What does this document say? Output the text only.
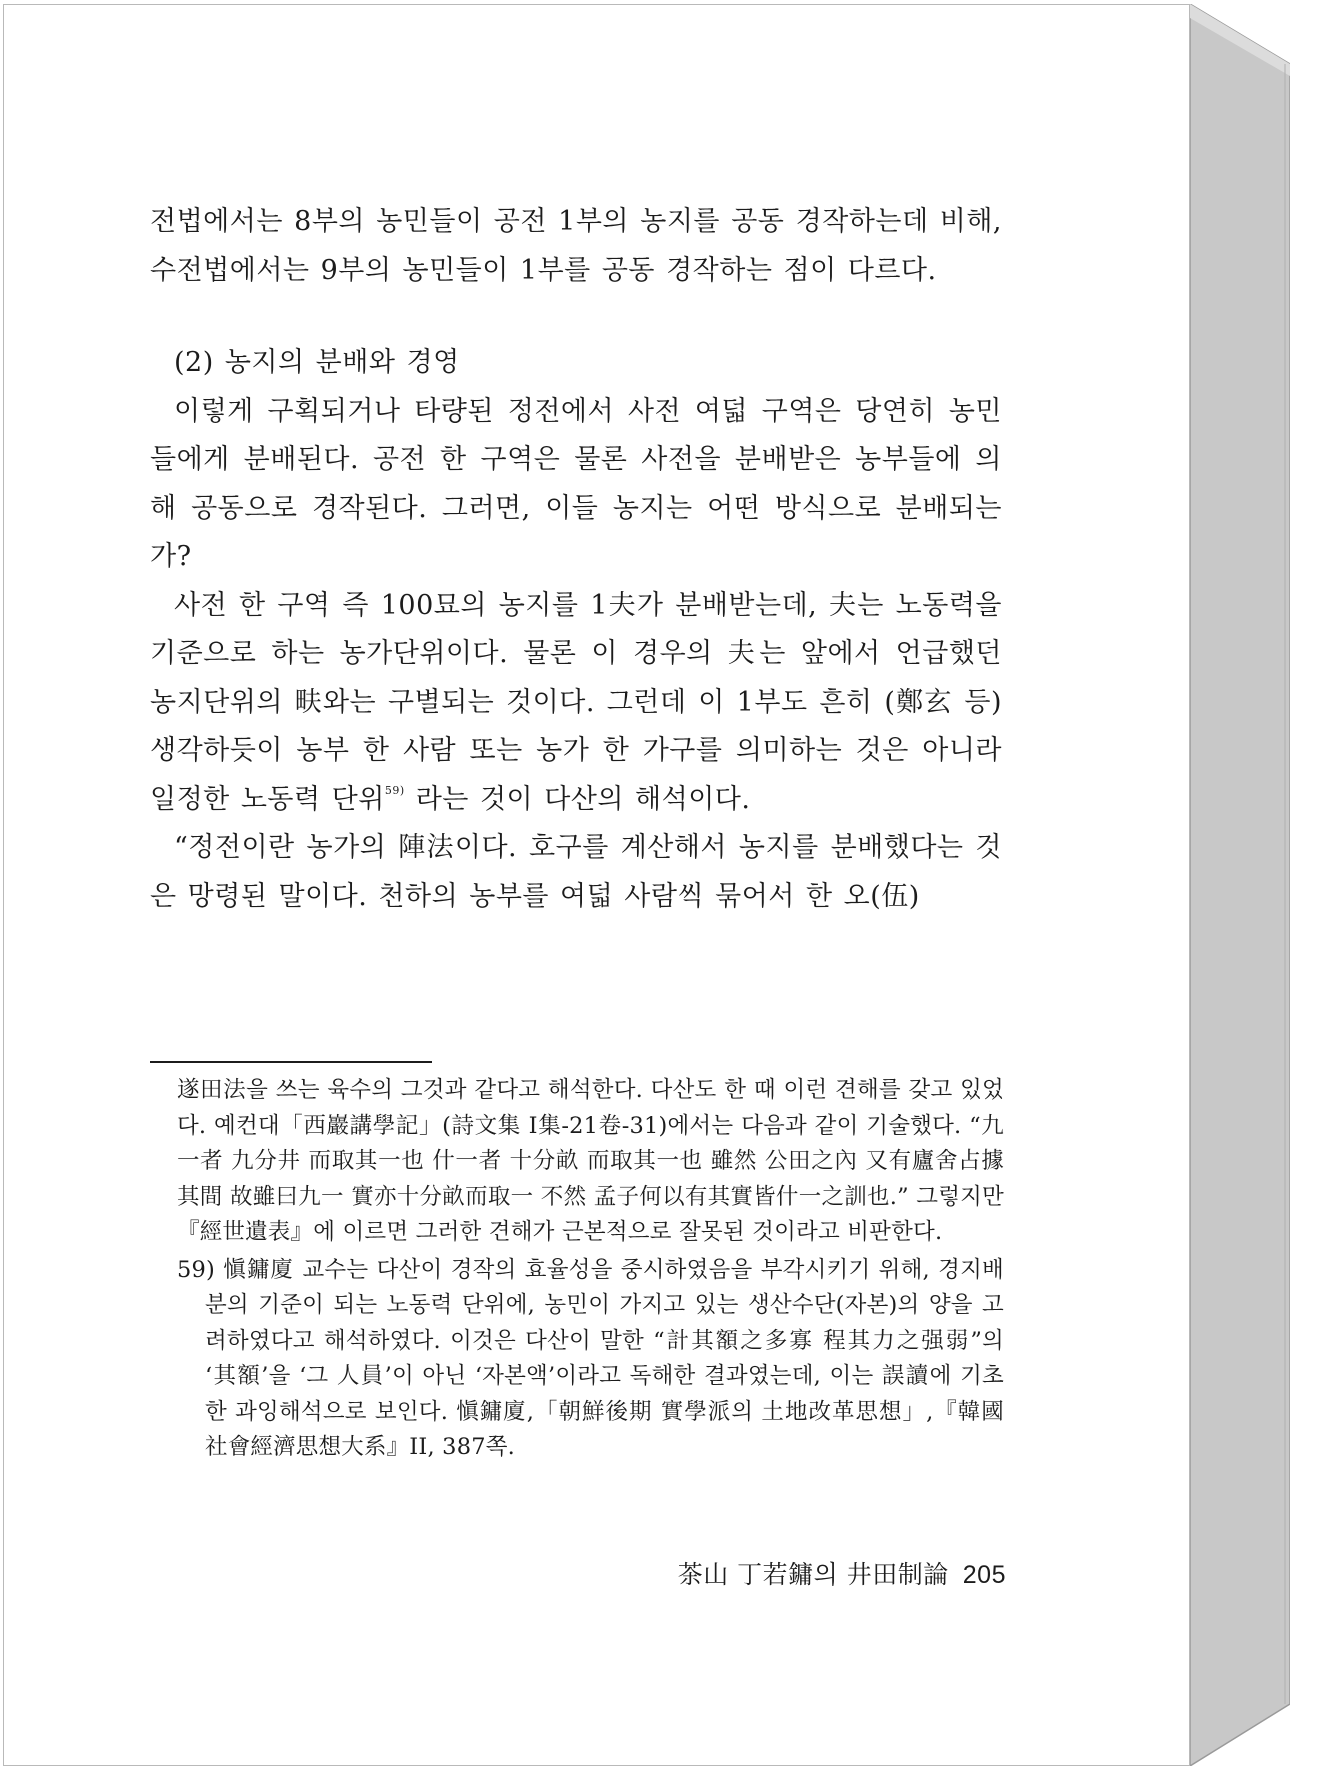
전법에서는 8부의 농민들이 공전 1부의 농지를 공동 경작하는데 비해, 수전법에서는 9부의 농민들이 1부를 공동 경작하는 점이 다르다.

(2) 농지의 분배와 경영

이렇게 구획되거나 타량된 정전에서 사전 여덟 구역은 당연히 농민들에게 분배된다. 공전 한 구역은 물론 사전을 분배받은 농부들에 의해 공동으로 경작된다. 그러면, 이들 농지는 어떤 방식으로 분배되는가?

사전 한 구역 즉 100묘의 농지를 1夫가 분배받는데, 夫는 노동력을 기준으로 하는 농가단위이다. 물론 이 경우의 夫는 앞에서 언급했던 농지단위의 畉와는 구별되는 것이다. 그런데 이 1부도 흔히 (鄭玄 등) 생각하듯이 농부 한 사람 또는 농가 한 가구를 의미하는 것은 아니라 일정한 노동력 단위$^{59)}$ 라는 것이 다산의 해석이다.

“정전이란 농가의 陣法이다. 호구를 계산해서 농지를 분배했다는 것은 망령된 말이다. 천하의 농부를 여덟 사람씩 묶어서 한 오(伍)

遂田法을 쓰는 육수의 그것과 같다고 해석한다. 다산도 한 때 이런 견해를 갖고 있었다. 예컨대「西巖講學記」(詩文集 I集-21卷-31)에서는 다음과 같이 기술했다. “九一者 九分井 而取其一也 什一者 十分畝 而取其一也 雖然 公田之內 又有廬舍占據其間 故雖曰九一 實亦十分畝而取一 不然 孟子何以有其實皆什一之訓也.” 그렇지만『經世遺表』에 이르면 그러한 견해가 근본적으로 잘못된 것이라고 비판한다.

59) 愼鏞廈 교수는 다산이 경작의 효율성을 중시하였음을 부각시키기 위해, 경지배분의 기준이 되는 노동력 단위에, 농민이 가지고 있는 생산수단(자본)의 양을 고려하였다고 해석하였다. 이것은 다산이 말한 “計其額之多寡 程其力之强弱”의 ‘其額’을 ‘그 人員’이 아닌 ‘자본액’이라고 독해한 결과였는데, 이는 誤讀에 기초한 과잉해석으로 보인다. 愼鏞廈,「朝鮮後期 實學派의 土地改革思想」,『韓國社會經濟思想大系』II, 387쪽.

茶山 丁若鏞의 井田制論 205
